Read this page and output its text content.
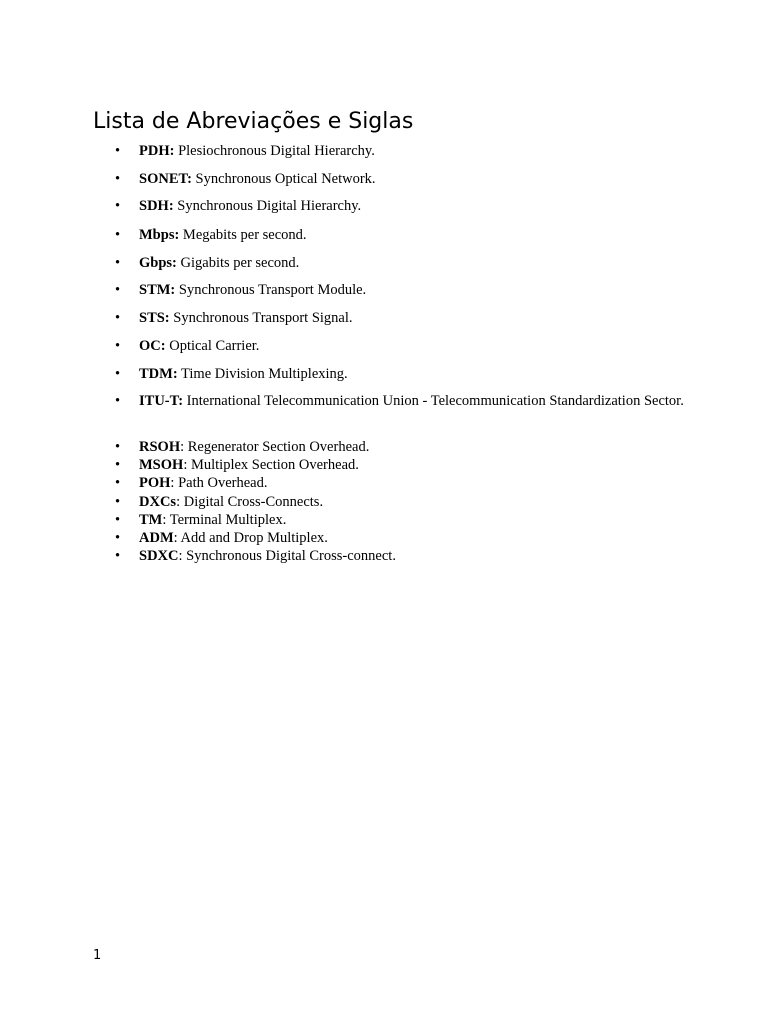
Lista de Abreviações e Siglas
• PDH: Plesiochronous Digital Hierarchy.
• SONET: Synchronous Optical Network.
• SDH: Synchronous Digital Hierarchy.
• Mbps: Megabits per second.
• Gbps: Gigabits per second.
• STM: Synchronous Transport Module.
• STS: Synchronous Transport Signal.
• OC: Optical Carrier.
• TDM: Time Division Multiplexing.
• ITU-T: International Telecommunication Union - Telecommunication Standardization Sector.
• RSOH: Regenerator Section Overhead.
• MSOH: Multiplex Section Overhead.
• POH: Path Overhead.
• DXCs: Digital Cross-Connects.
• TM: Terminal Multiplex.
• ADM: Add and Drop Multiplex.
• SDXC: Synchronous Digital Cross-connect.
1
